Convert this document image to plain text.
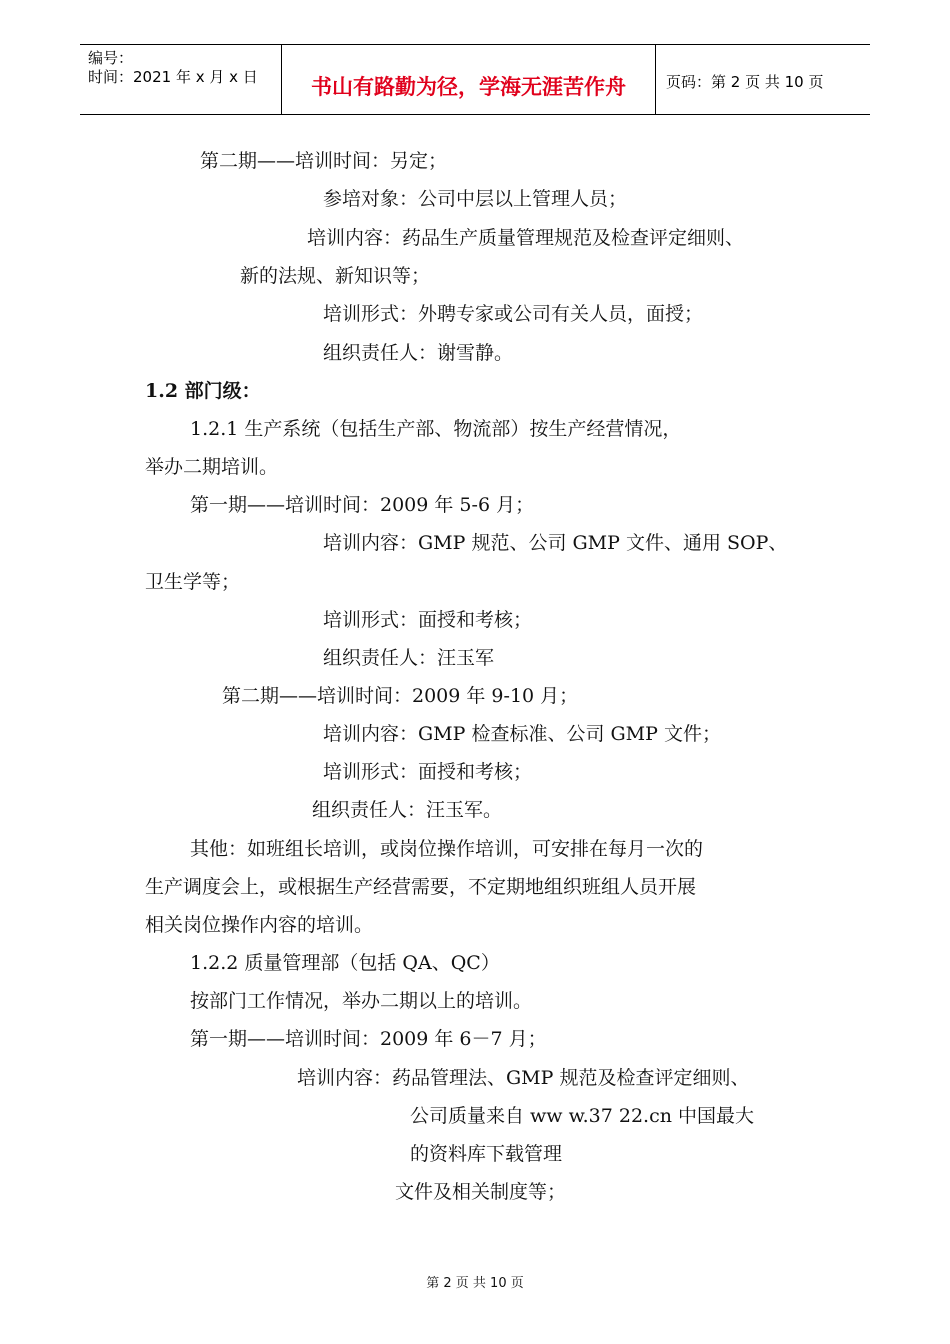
编号：
时间：2021 年 x 月 x 日	书山有路勤为径，学海无涯苦作舟	页码：第 2 页 共 10 页
第二期——培训时间：另定；
参培对象：公司中层以上管理人员；
培训内容：药品生产质量管理规范及检查评定细则、
新的法规、新知识等；
培训形式：外聘专家或公司有关人员，面授；
组织责任人：谢雪静。
1.2 部门级：
1.2.1 生产系统（包括生产部、物流部）按生产经营情况，
举办二期培训。
第一期——培训时间：2009 年 5-6 月；
培训内容：GMP 规范、公司 GMP 文件、通用 SOP、
卫生学等；
培训形式：面授和考核；
组织责任人：汪玉军
第二期——培训时间：2009 年 9-10 月；
培训内容：GMP 检查标准、公司 GMP 文件；
培训形式：面授和考核；
组织责任人：汪玉军。
其他：如班组长培训，或岗位操作培训，可安排在每月一次的
生产调度会上，或根据生产经营需要，不定期地组织班组人员开展
相关岗位操作内容的培训。
1.2.2 质量管理部（包括 QA、QC）
按部门工作情况，举办二期以上的培训。
第一期——培训时间：2009 年 6－7 月；
培训内容：药品管理法、GMP 规范及检查评定细则、
公司质量来自 ww w.37 22.cn 中国最大
的资料库下载管理
文件及相关制度等；
第 2 页 共 10 页
